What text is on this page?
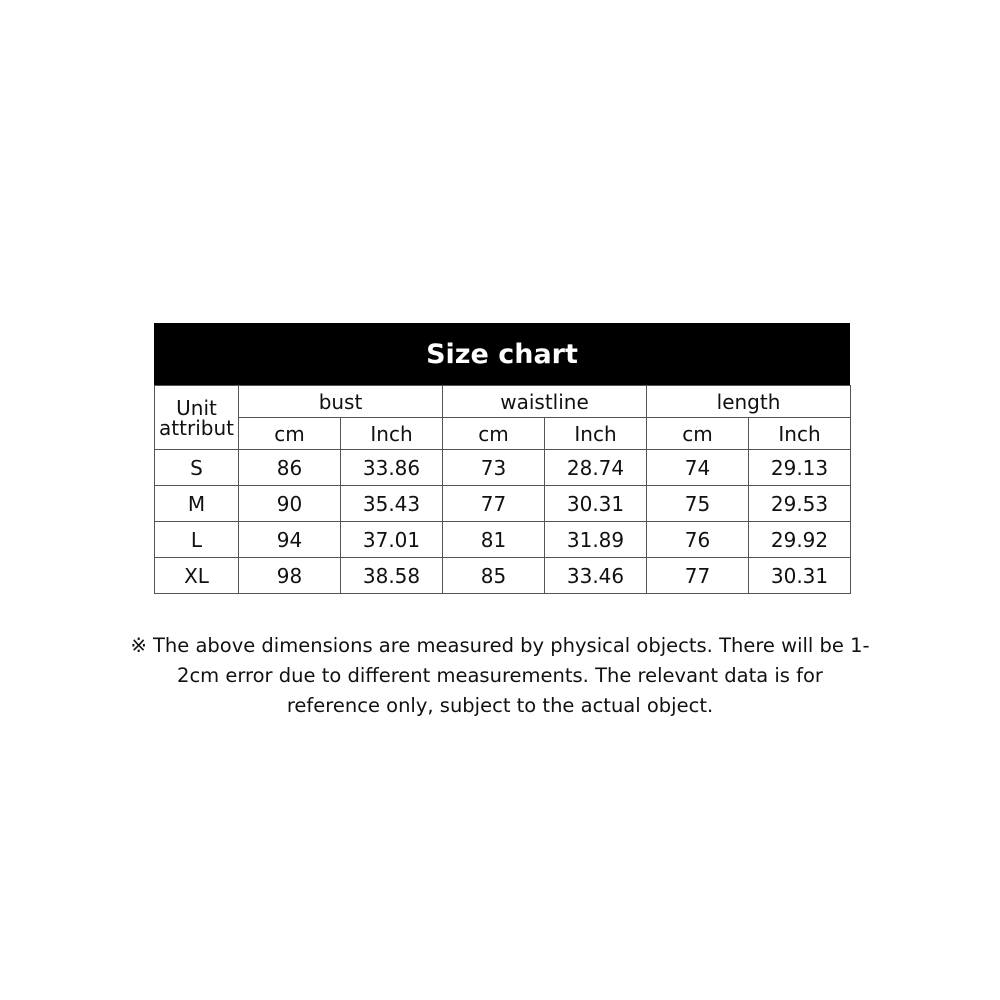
Size chart
Unit
attribut	bust		waistline		length	
	cm	Inch	cm	Inch	cm	Inch
S	86	33.86	73	28.74	74	29.13
M	90	35.43	77	30.31	75	29.53
L	94	37.01	81	31.89	76	29.92
XL	98	38.58	85	33.46	77	30.31

※ The above dimensions are measured by physical objects. There will be 1-2cm error due to different measurements. The relevant data is for reference only, subject to the actual object.
